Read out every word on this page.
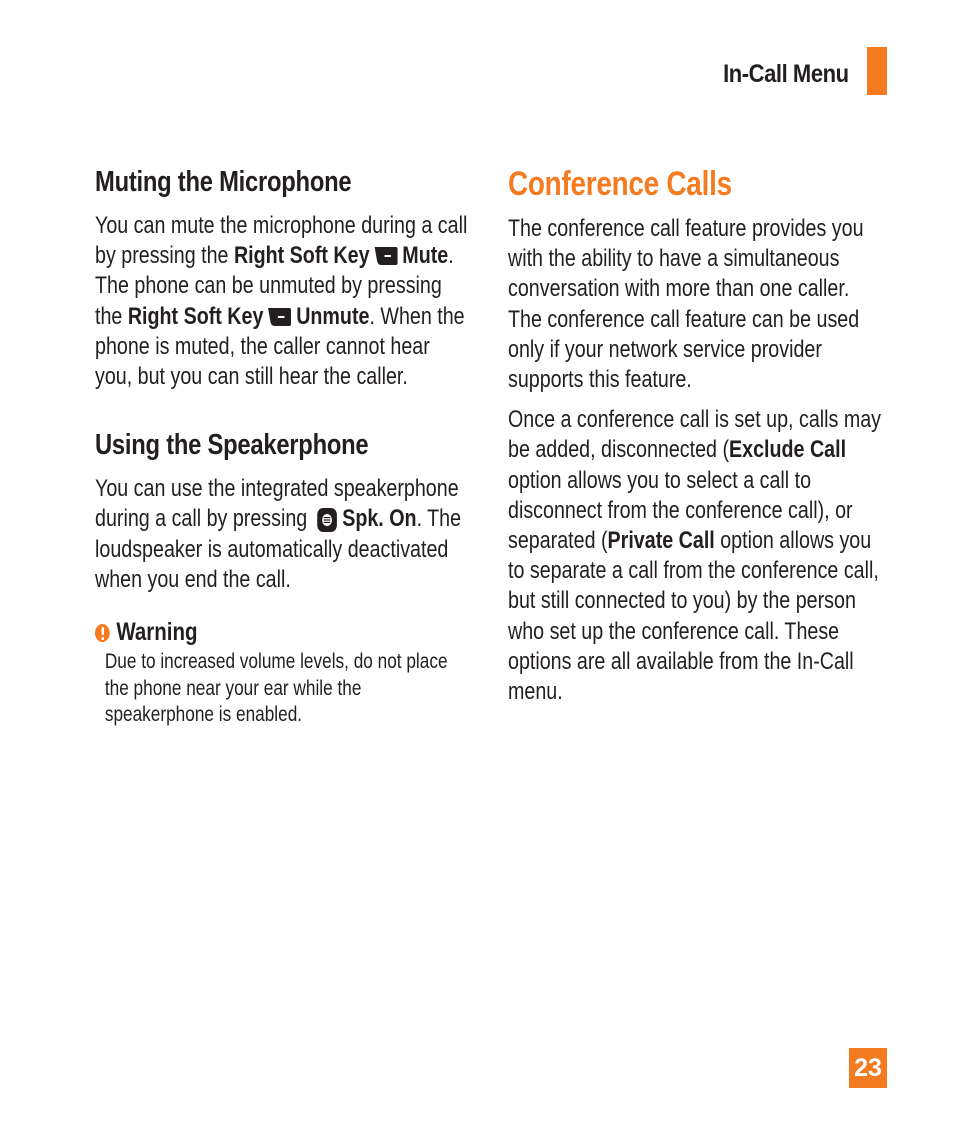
In-Call Menu
Muting the Microphone

You can mute the microphone during a call by pressing the Right Soft Key Mute. The phone can be unmuted by pressing the Right Soft Key Unmute. When the phone is muted, the caller cannot hear you, but you can still hear the caller.

Using the Speakerphone

You can use the integrated speakerphone during a call by pressing
Spk. On. The loudspeaker is automatically deactivated when you end the call.

Warning

Due to increased volume levels, do not place the phone near your ear while the speakerphone is enabled.

Conference Calls

The conference call feature provides you with the ability to have a simultaneous conversation with more than one caller. The conference call feature can be used only if your network service provider supports this feature.

Once a conference call is set up, calls may be added, disconnected (Exclude Call option allows you to select a call to disconnect from the conference call), or separated (Private Call option allows you to separate a call from the conference call, but still connected to you) by the person who set up the conference call. These options are all available from the In-Call menu.

23
